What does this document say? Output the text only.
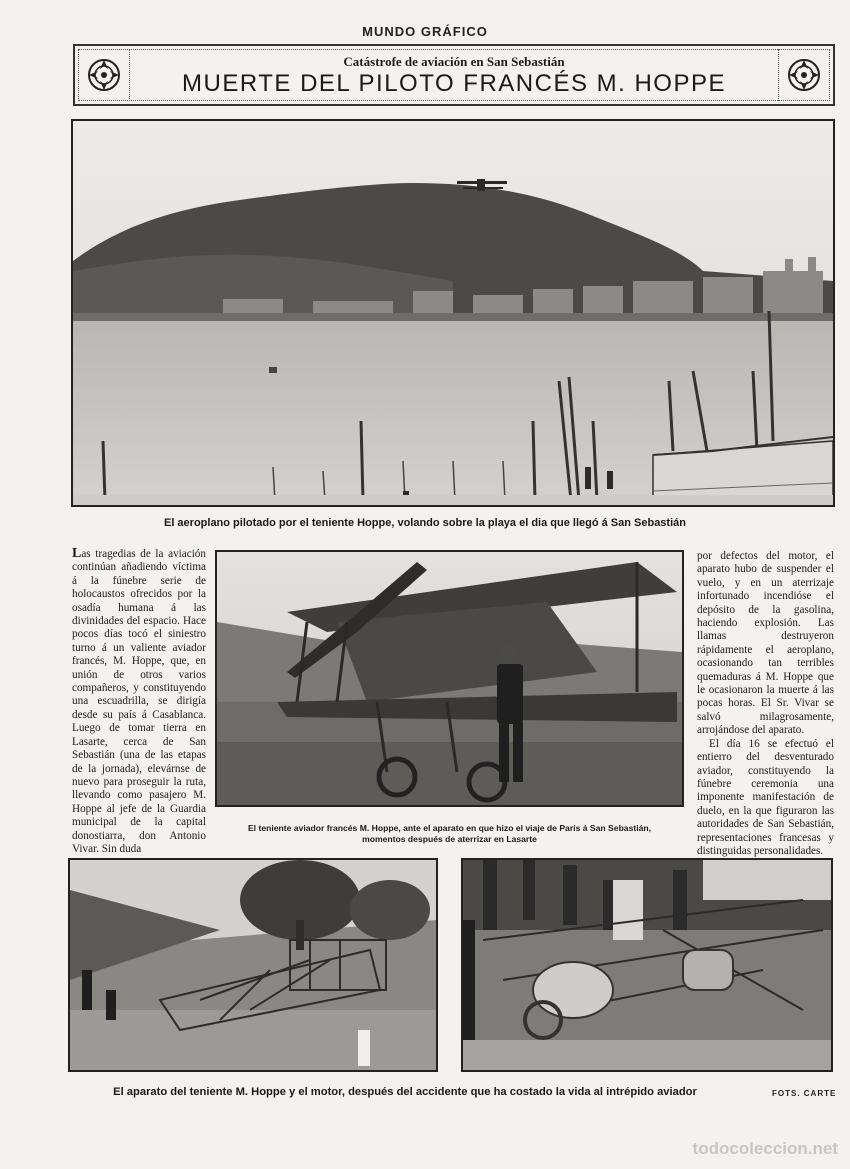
MUNDO GRÁFICO
Catástrofe de aviación en San Sebastián
MUERTE DEL PILOTO FRANCÉS M. HOPPE
El aeroplano pilotado por el teniente Hoppe, volando sobre la playa el dia que llegó á San Sebastián

Las tragedias de la aviación continúan añadiendo víctima á la fúnebre serie de holocaustos ofrecidos por la osadía humana á las divinidades del espacio. Hace pocos días tocó el siniestro turno á un valiente aviador francés, M. Hoppe, que, en unión de otros varios compañeros, y constituyendo una escuadrilla, se dirigía desde su país á Casablanca. Luego de tomar tierra en Lasarte, cerca de San Sebastián (una de las etapas de la jornada), elevárnse de nuevo para proseguir la ruta, llevando como pasajero M. Hoppe al jefe de la Guardia municipal de la capital donostiarra, don Antonio Vivar. Sin duda

El teniente aviador francés M. Hoppe, ante el aparato en que hizo el viaje de París á San Sebastián,
momentos después de aterrizar en Lasarte

por defectos del motor, el aparato hubo de suspender el vuelo, y en un aterrizaje infortunado incendióse el depósito de la gasolina, haciendo explosión. Las llamas destruyeron rápidamente el aeroplano, ocasionando tan terribles quemaduras á M. Hoppe que le ocasionaron la muerte á las pocas horas. El Sr. Vivar se salvó milagrosamente, arrojándose del aparato.

El día 16 se efectuó el entierro del desventurado aviador, constituyendo la fúnebre ceremonia una imponente manifestación de duelo, en la que figuraron las autoridades de San Sebastián, representaciones francesas y distinguidas personalidades.

El aparato del teniente M. Hoppe y el motor, después del accidente que ha costado la vida al intrépido aviador	FOTS. CARTE
todocoleccion.net
